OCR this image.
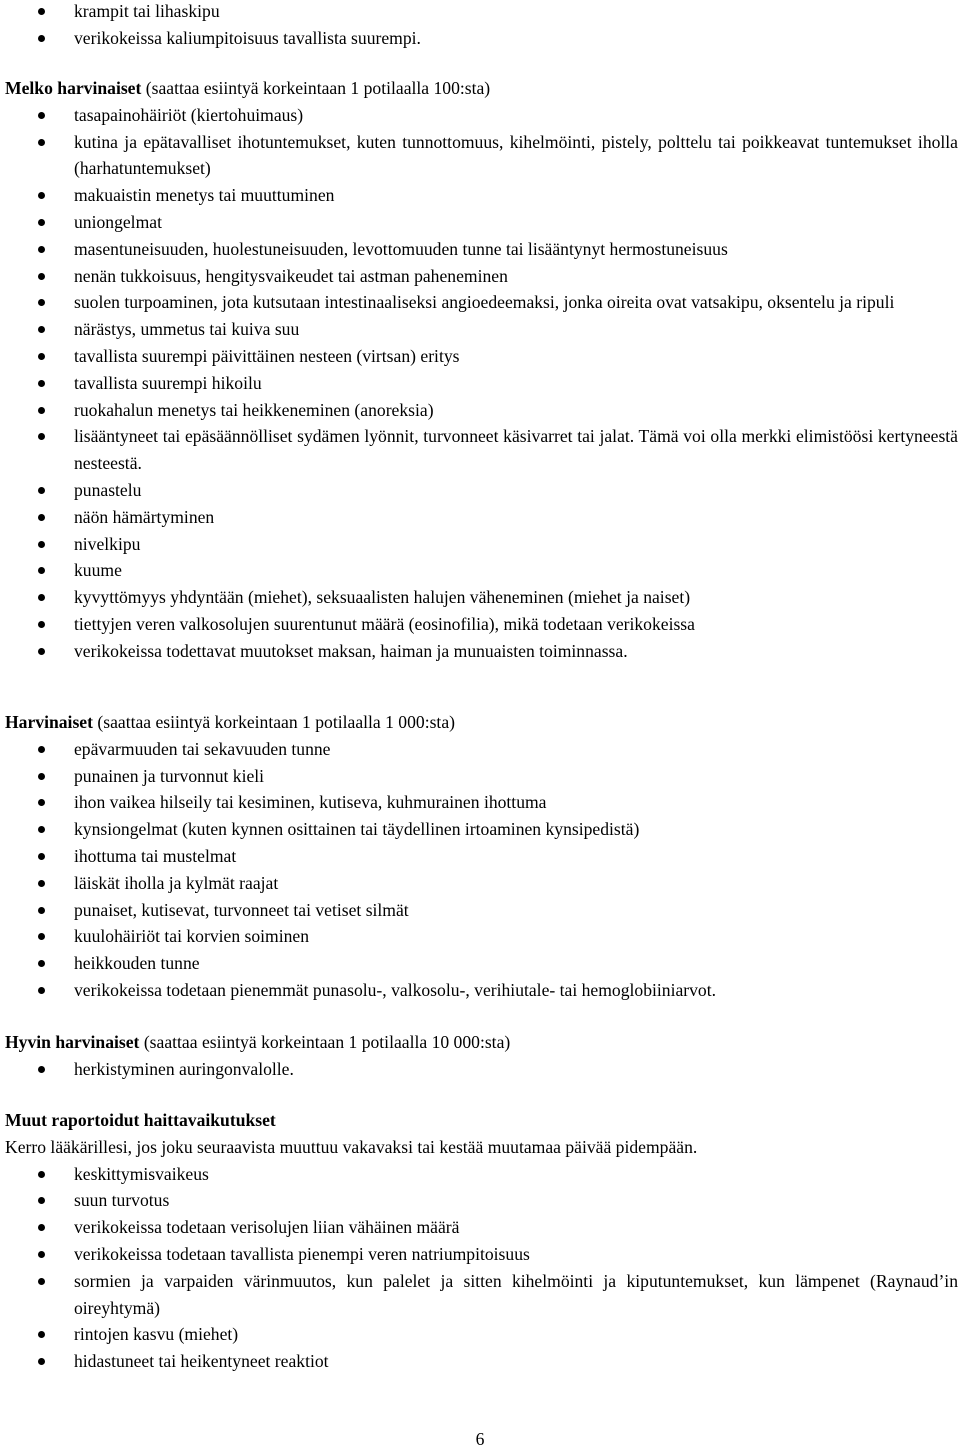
krampit tai lihaskipu
verikokeissa kaliumpitoisuus tavallista suurempi.
Melko harvinaiset (saattaa esiintyä korkeintaan 1 potilaalla 100:sta)
tasapainohäiriöt (kiertohuimaus)
kutina ja epätavalliset ihotuntemukset, kuten tunnottomuus, kihelmöinti, pistely, polttelu tai poikkeavat tuntemukset iholla (harhatuntemukset)
makuaistin menetys tai muuttuminen
uniongelmat
masentuneisuuden, huolestuneisuuden, levottomuuden tunne tai lisääntynyt hermostuneisuus
nenän tukkoisuus, hengitysvaikeudet tai astman paheneminen
suolen turpoaminen, jota kutsutaan intestinaaliseksi angioedeemaksi, jonka oireita ovat vatsakipu, oksentelu ja ripuli
närästys, ummetus tai kuiva suu
tavallista suurempi päivittäinen nesteen (virtsan) eritys
tavallista suurempi hikoilu
ruokahalun menetys tai heikkeneminen (anoreksia)
lisääntyneet tai epäsäännölliset sydämen lyönnit, turvonneet käsivarret tai jalat. Tämä voi olla merkki elimistöösi kertyneestä nesteestä.
punastelu
näön hämärtyminen
nivelkipu
kuume
kyvyttömyys yhdyntään (miehet), seksuaalisten halujen väheneminen (miehet ja naiset)
tiettyjen veren valkosolujen suurentunut määrä (eosinofilia), mikä todetaan verikokeissa
verikokeissa todettavat muutokset maksan, haiman ja munuaisten toiminnassa.
Harvinaiset (saattaa esiintyä korkeintaan 1 potilaalla 1 000:sta)
epävarmuuden tai sekavuuden tunne
punainen ja turvonnut kieli
ihon vaikea hilseily tai kesiminen, kutiseva, kuhmurainen ihottuma
kynsiongelmat (kuten kynnen osittainen tai täydellinen irtoaminen kynsipedistä)
ihottuma tai mustelmat
läiskät iholla ja kylmät raajat
punaiset, kutisevat, turvonneet tai vetiset silmät
kuulohäiriöt tai korvien soiminen
heikkouden tunne
verikokeissa todetaan pienemmät punasolu-, valkosolu-, verihiutale- tai hemoglobiiniarvot.
Hyvin harvinaiset (saattaa esiintyä korkeintaan 1 potilaalla 10 000:sta)
herkistyminen auringonvalolle.
Muut raportoidut haittavaikutukset
Kerro lääkärillesi, jos joku seuraavista muuttuu vakavaksi tai kestää muutamaa päivää pidempään.
keskittymisvaikeus
suun turvotus
verikokeissa todetaan verisolujen liian vähäinen määrä
verikokeissa todetaan tavallista pienempi veren natriumpitoisuus
sormien ja varpaiden värinmuutos, kun palelet ja sitten kihelmöinti ja kiputuntemukset, kun lämpenet (Raynaud’in oireyhtymä)
rintojen kasvu (miehet)
hidastuneet tai heikentyneet reaktiot
6
